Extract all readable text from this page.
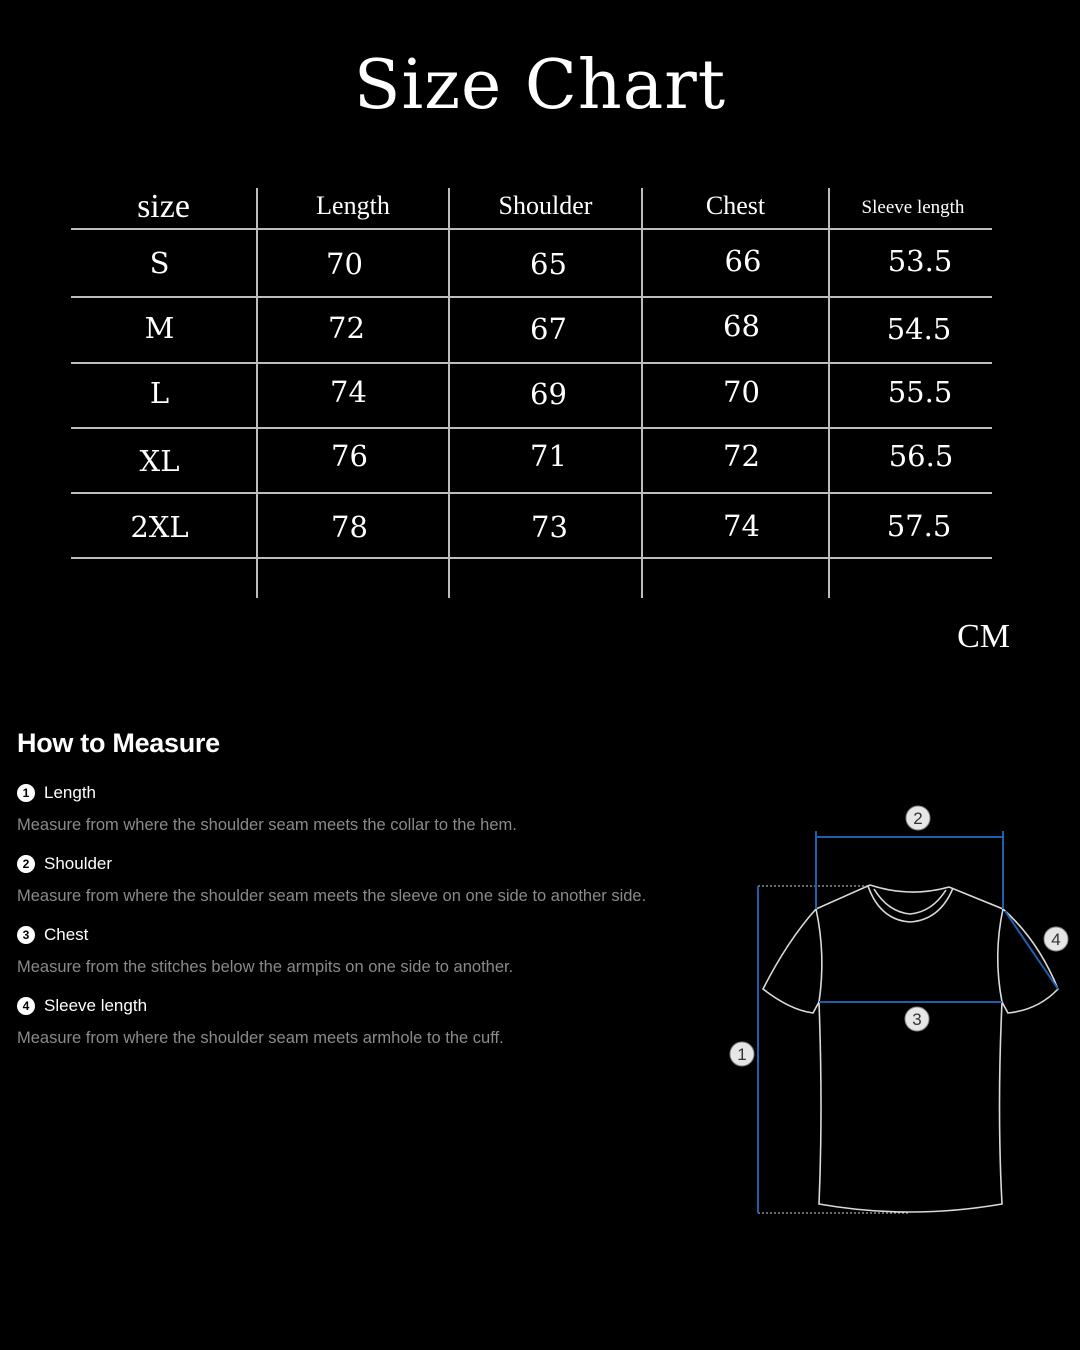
Size Chart
size	Length	Shoulder	Chest	Sleeve length
S	70	65	66	53.5
M	72	67	68	54.5
L	74	69	70	55.5
XL	76	71	72	56.5
2XL	78	73	74	57.5
CM
How to Measure
1 Length
Measure from where the shoulder seam meets the collar to the hem.
2 Shoulder
Measure from where the shoulder seam meets the sleeve on one side to another side.
3 Chest
Measure from the stitches below the armpits on one side to another.
4 Sleeve length
Measure from where the shoulder seam meets armhole to the cuff.
2
4
3
1
